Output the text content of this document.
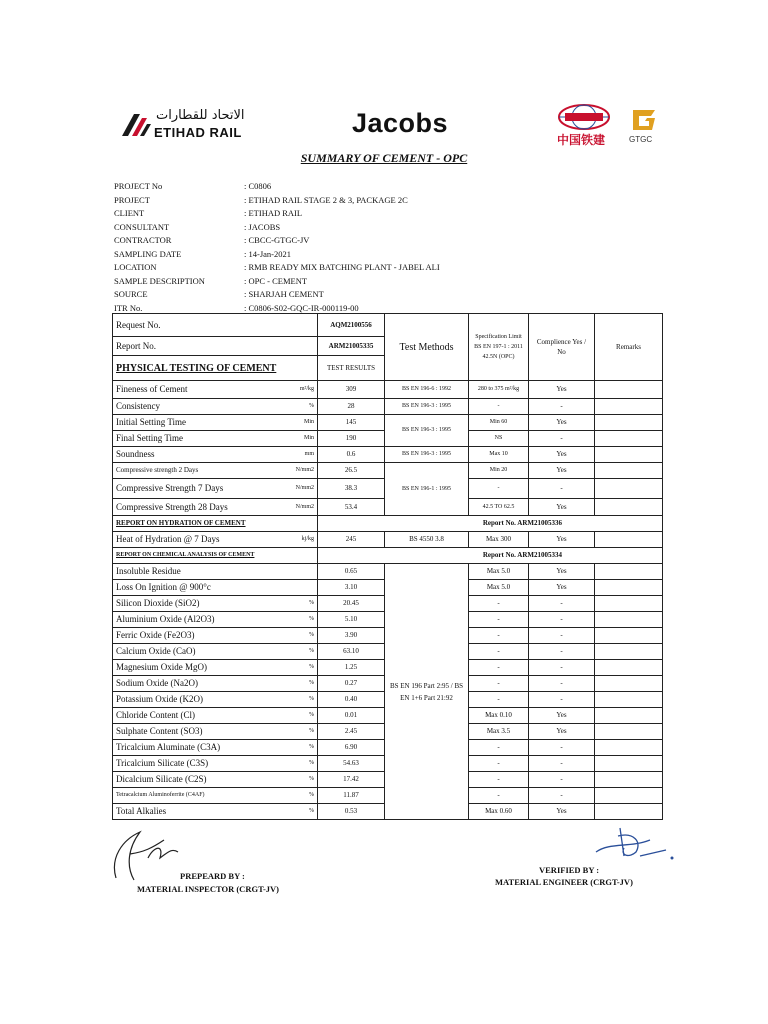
الاتحاد للقطارات
ETIHAD RAIL	Jacobs
中国铁建	GTGC
SUMMARY OF CEMENT - OPC
PROJECT No	: C0806
PROJECT	: ETIHAD RAIL STAGE 2 & 3, PACKAGE 2C
CLIENT	: ETIHAD RAIL
CONSULTANT	: JACOBS
CONTRACTOR	: CBCC-GTGC-JV
SAMPLING DATE	: 14-Jan-2021
LOCATION	: RMB READY MIX BATCHING PLANT - JABEL ALI
SAMPLE DESCRIPTION	: OPC - CEMENT
SOURCE	: SHARJAH CEMENT
ITR No.	: C0806-S02-GQC-IR-000119-00
Request No.	AQM2100556	Test Methods	Specification Limit BS EN 197-1 : 2011 42.5N (OPC)	Complience Yes / No	Remarks
Report No.	ARM21005335				
PHYSICAL TESTING OF CEMENT	TEST RESULTS				
Fineness of Cement m²/kg	309	BS EN 196-6 : 1992	280 to 375 m²/kg	Yes	
Consistency %	28	BS EN 196-3 : 1995	-	-	
Initial Setting Time Min	145	BS EN 196-3 : 1995	Min 60	Yes	
Final Setting Time Min	190		NS	-	
Soundness mm	0.6	BS EN 196-3 : 1995	Max 10	Yes	
Compressive strength 2 Days N/mm2	26.5	BS EN 196-1 : 1995	Min 20	Yes	
Compressive Strength 7 Days N/mm2	38.3		-	-	
Compressive Strength 28 Days N/mm2	53.4		42.5 TO 62.5	Yes	
REPORT ON HYDRATION OF CEMENT	Report No. ARM21005336				
Heat of Hydration @ 7 Days kj/kg	245	BS 4550 3.8	Max 300	Yes	
REPORT ON CHEMICAL ANALYSIS OF CEMENT	Report No. ARM21005334				
Insoluble Residue	0.65	BS EN 196 Part 2:95 / BS EN 1+6 Part 21:92	Max 5.0	Yes	
Loss On Ignition @ 900°c	3.10		Max 5.0	Yes	
Silicon Dioxide (SiO2) %	20.45		-	-	
Aluminium Oxide (Al2O3) %	5.10		-	-	
Ferric Oxide (Fe2O3) %	3.90		-	-	
Calcium Oxide (CaO) %	63.10		-	-	
Magnesium Oxide MgO) %	1.25		-	-	
Sodium Oxide (Na2O) %	0.27		-	-	
Potassium Oxide (K2O) %	0.40		-	-	
Chloride Content (Cl) %	0.01		Max 0.10	Yes	
Sulphate Content (SO3) %	2.45		Max 3.5	Yes	
Tricalcium Aluminate (C3A) %	6.90		-	-	
Tricalcium Silicate (C3S) %	54.63		-	-	
Dicalcium Silicate (C2S) %	17.42		-	-	
Tetracalcium Aluminoferrite (C4AF) %	11.87		-	-	
Total Alkalies %	0.53		Max 0.60	Yes	
PREPEARD BY :
MATERIAL INSPECTOR (CRGT-JV)
VERIFIED BY :
MATERIAL ENGINEER (CRGT-JV)
